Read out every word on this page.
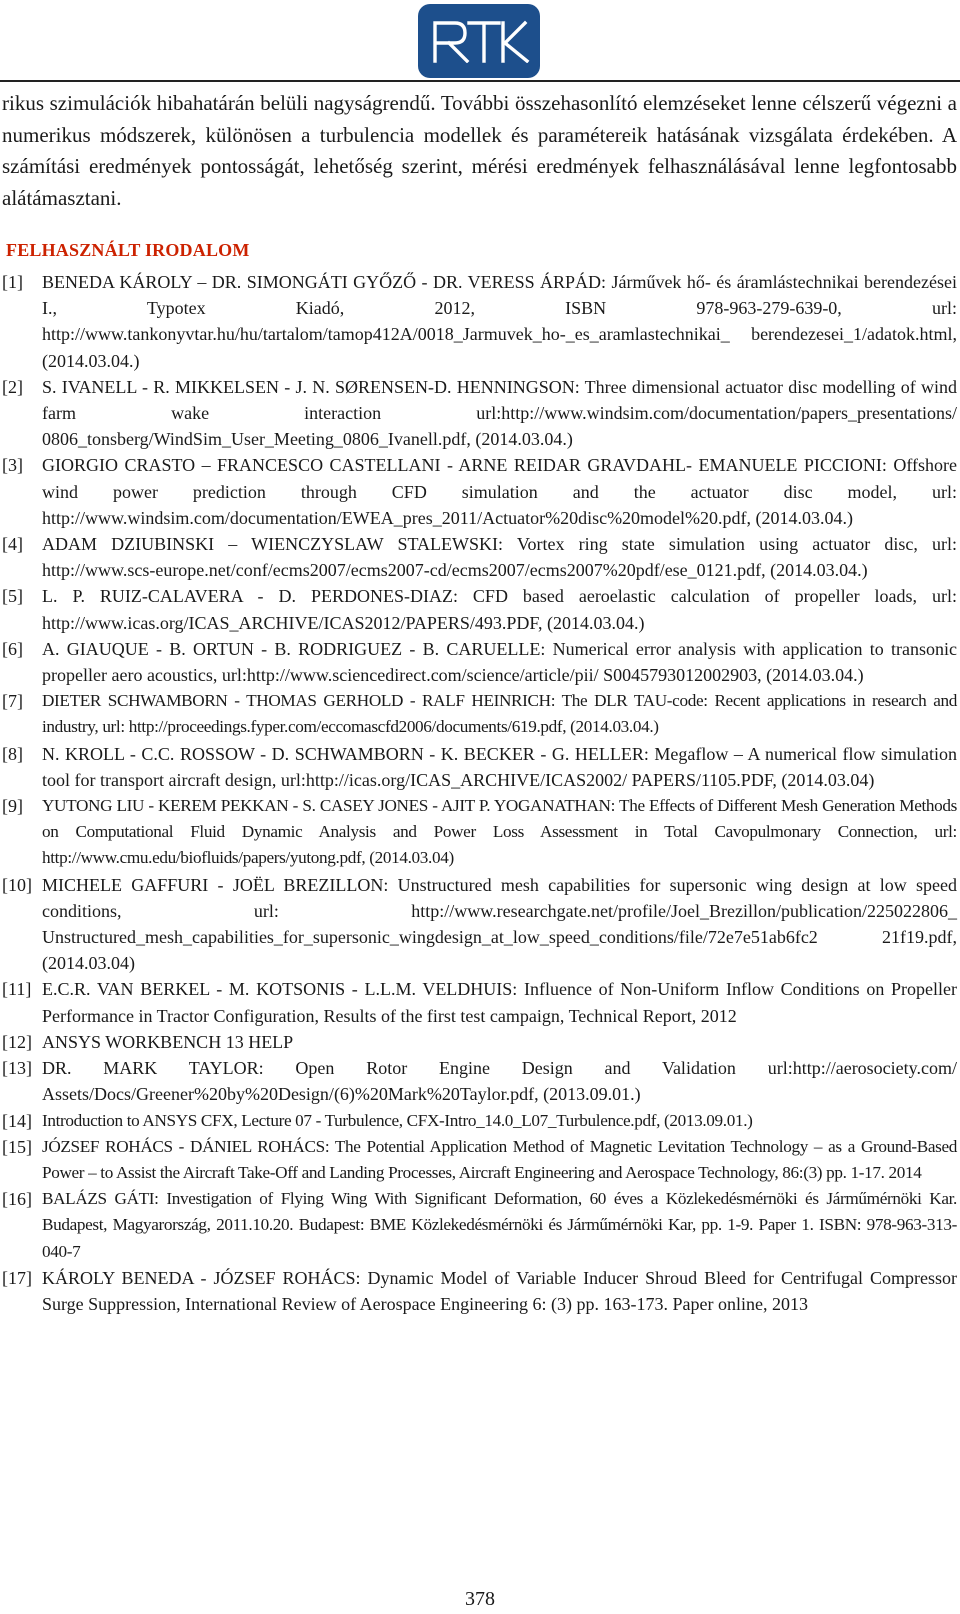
rikus szimulációk hibahatárán belüli nagyságrendű. További összehasonlító elemzéseket lenne célszerű végezni a numerikus módszerek, különösen a turbulencia modellek és paramétereik hatásának vizsgálata érdekében. A számítási eredmények pontosságát, lehetőség szerint, mérési eredmények felhasználásával lenne legfontosabb alátámasztani.

FELHASZNÁLT IRODALOM
[1]	BENEDA KÁROLY – DR. SIMONGÁTI GYŐZŐ - DR. VERESS ÁRPÁD: Járművek hő- és áramlástechnikai berendezései I., Typotex Kiadó, 2012, ISBN 978-963-279-639-0, url: http://www.tankonyvtar.hu/hu/tartalom/tamop412A/0018_Jarmuvek_ho-_es_aramlastechnikai_ berendezesei_1/adatok.html, (2014.03.04.)
[2]	S. IVANELL - R. MIKKELSEN - J. N. SØRENSEN-D. HENNINGSON: Three dimensional actuator disc modelling of wind farm wake interaction url:http://www.windsim.com/documentation/papers_presentations/ 0806_tonsberg/WindSim_User_Meeting_0806_Ivanell.pdf, (2014.03.04.)
[3]	GIORGIO CRASTO – FRANCESCO CASTELLANI - ARNE REIDAR GRAVDAHL- EMANUELE PICCIONI: Offshore wind power prediction through CFD simulation and the actuator disc model, url: http://www.windsim.com/documentation/EWEA_pres_2011/Actuator%20disc%20model%20.pdf, (2014.03.04.)
[4]	ADAM DZIUBINSKI – WIENCZYSLAW STALEWSKI: Vortex ring state simulation using actuator disc, url: http://www.scs-europe.net/conf/ecms2007/ecms2007-cd/ecms2007/ecms2007%20pdf/ese_0121.pdf, (2014.03.04.)
[5]	L. P. RUIZ-CALAVERA - D. PERDONES-DIAZ: CFD based aeroelastic calculation of propeller loads, url: http://www.icas.org/ICAS_ARCHIVE/ICAS2012/PAPERS/493.PDF, (2014.03.04.)
[6]	A. GIAUQUE - B. ORTUN - B. RODRIGUEZ - B. CARUELLE: Numerical error analysis with application to transonic propeller aero acoustics, url:http://www.sciencedirect.com/science/article/pii/ S0045793012002903, (2014.03.04.)
[7]	DIETER SCHWAMBORN - THOMAS GERHOLD - RALF HEINRICH: The DLR TAU-code: Recent applications in research and industry, url: http://proceedings.fyper.com/eccomascfd2006/documents/619.pdf, (2014.03.04.)
[8]	N. KROLL - C.C. ROSSOW - D. SCHWAMBORN - K. BECKER - G. HELLER: Megaflow – A numerical flow simulation tool for transport aircraft design, url:http://icas.org/ICAS_ARCHIVE/ICAS2002/ PAPERS/1105.PDF, (2014.03.04)
[9]	YUTONG LIU - KEREM PEKKAN - S. CASEY JONES - AJIT P. YOGANATHAN: The Effects of Different Mesh Generation Methods on Computational Fluid Dynamic Analysis and Power Loss Assessment in Total Cavopulmonary Connection, url: http://www.cmu.edu/biofluids/papers/yutong.pdf, (2014.03.04)
[10] MICHELE GAFFURI - JOËL BREZILLON: Unstructured mesh capabilities for supersonic wing design at low speed conditions, url: http://www.researchgate.net/profile/Joel_Brezillon/publication/225022806_ Unstructured_mesh_capabilities_for_supersonic_wingdesign_at_low_speed_conditions/file/72e7e51ab6fc2 21f19.pdf, (2014.03.04)
[11] E.C.R. VAN BERKEL - M. KOTSONIS - L.L.M. VELDHUIS: Influence of Non-Uniform Inflow Conditions on Propeller Performance in Tractor Configuration, Results of the first test campaign, Technical Report, 2012
[12] ANSYS WORKBENCH 13 HELP
[13] DR. MARK TAYLOR: Open Rotor Engine Design and Validation url:http://aerosociety.com/ Assets/Docs/Greener%20by%20Design/(6)%20Mark%20Taylor.pdf, (2013.09.01.)
[14] Introduction to ANSYS CFX, Lecture 07 - Turbulence, CFX-Intro_14.0_L07_Turbulence.pdf, (2013.09.01.)
[15] JÓZSEF ROHÁCS - DÁNIEL ROHÁCS: The Potential Application Method of Magnetic Levitation Technology – as a Ground-Based Power – to Assist the Aircraft Take-Off and Landing Processes, Aircraft Engineering and Aerospace Technology, 86:(3) pp. 1-17. 2014
[16] BALÁZS GÁTI: Investigation of Flying Wing With Significant Deformation, 60 éves a Közlekedésmérnöki és Járműmérnöki Kar. Budapest, Magyarország, 2011.10.20. Budapest: BME Közlekedésmérnöki és Járműmérnöki Kar, pp. 1-9. Paper 1. ISBN: 978-963-313-040-7
[17] KÁROLY BENEDA - JÓZSEF ROHÁCS: Dynamic Model of Variable Inducer Shroud Bleed for Centrifugal Compressor Surge Suppression, International Review of Aerospace Engineering 6: (3) pp. 163-173. Paper online, 2013
378
